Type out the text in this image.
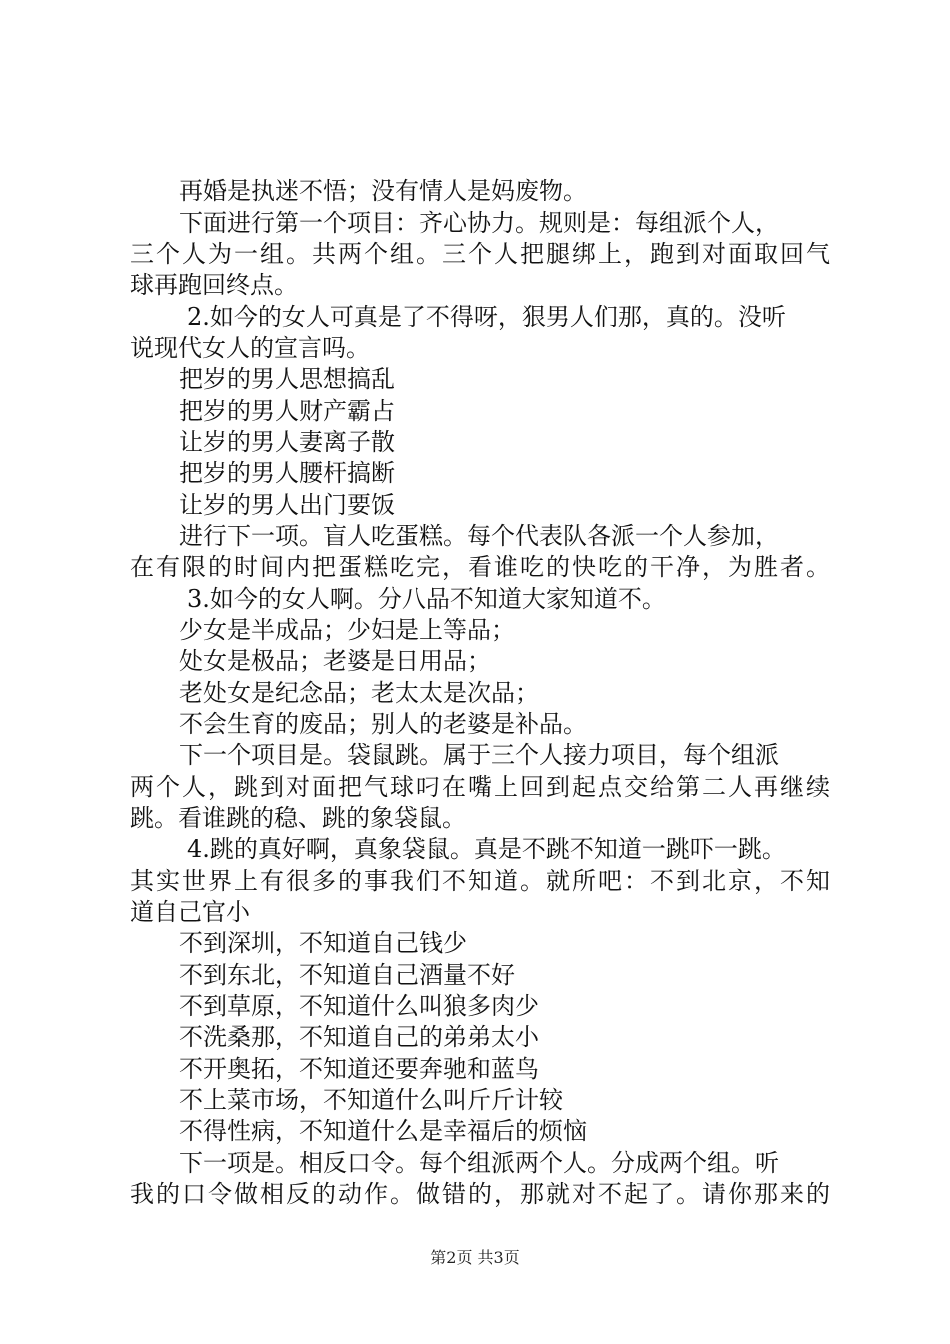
再婚是执迷不悟；没有情人是妈废物。
下面进行第一个项目：齐心协力。规则是：每组派个人，
三个人为一组。共两个组。三个人把腿绑上，跑到对面取回气
球再跑回终点。
2.如今的女人可真是了不得呀，狠男人们那，真的。没听
说现代女人的宣言吗。
把岁的男人思想搞乱
把岁的男人财产霸占
让岁的男人妻离子散
把岁的男人腰杆搞断
让岁的男人出门要饭
进行下一项。盲人吃蛋糕。每个代表队各派一个人参加，
在有限的时间内把蛋糕吃完，看谁吃的快吃的干净，为胜者。
3.如今的女人啊。分八品不知道大家知道不。
少女是半成品；少妇是上等品；
处女是极品；老婆是日用品；
老处女是纪念品；老太太是次品；
不会生育的废品；别人的老婆是补品。
下一个项目是。袋鼠跳。属于三个人接力项目，每个组派
两个人，跳到对面把气球叼在嘴上回到起点交给第二人再继续
跳。看谁跳的稳、跳的象袋鼠。
4.跳的真好啊，真象袋鼠。真是不跳不知道一跳吓一跳。
其实世界上有很多的事我们不知道。就所吧：不到北京，不知
道自己官小
不到深圳，不知道自己钱少
不到东北，不知道自己酒量不好
不到草原，不知道什么叫狼多肉少
不洗桑那，不知道自己的弟弟太小
不开奥拓，不知道还要奔驰和蓝鸟
不上菜市场，不知道什么叫斤斤计较
不得性病，不知道什么是幸福后的烦恼
下一项是。相反口令。每个组派两个人。分成两个组。听
我的口令做相反的动作。做错的，那就对不起了。请你那来的
第2页 共3页
